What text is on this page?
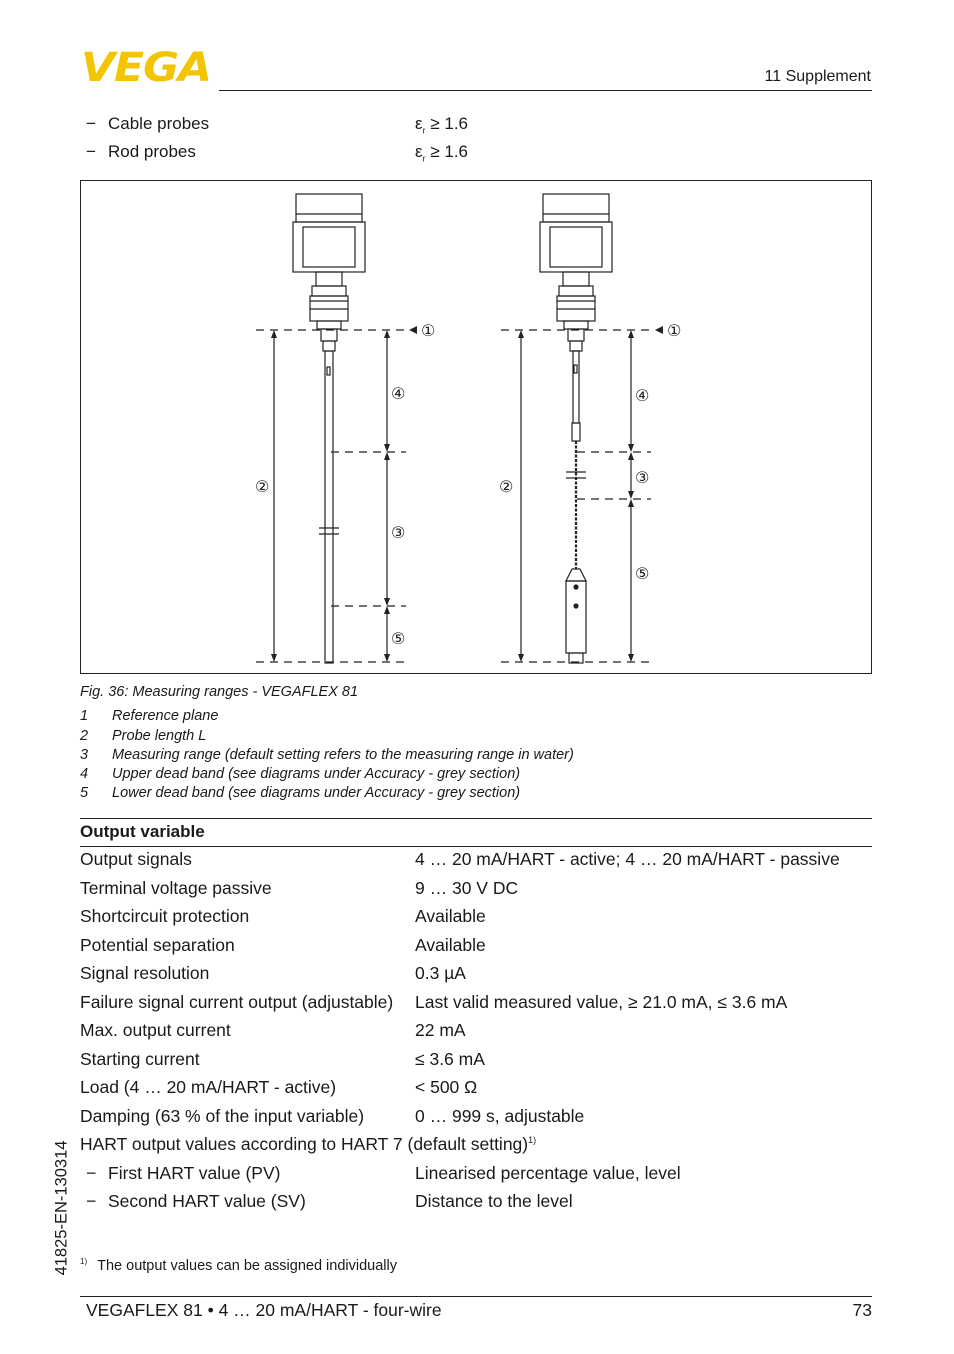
VEGA	11 Supplement
− Cable probes	$\varepsilon_r \ge 1.6$
− Rod probes	$\varepsilon_r \ge 1.6$
①
②
③
④
⑤
①
②	③
④
⑤
Fig. 36: Measuring ranges - VEGAFLEX 81
1 Reference plane
2 Probe length L
3 Measuring range (default setting refers to the measuring range in water)
4 Upper dead band (see diagrams under Accuracy - grey section)
5 Lower dead band (see diagrams under Accuracy - grey section)
Output variable
Output signals	4 … 20 mA/HART - active; 4 … 20 mA/HART - passive
Terminal voltage passive	9 … 30 V DC
Shortcircuit protection	Available
Potential separation	Available
Signal resolution	0.3 µA
Failure signal current output (adjustable) Last valid measured value, ≥ 21.0 mA, ≤ 3.6 mA
Max. output current	22 mA
Starting current	≤ 3.6 mA
Load (4 … 20 mA/HART - active)	< 500 Ω
Damping (63 % of the input variable)	0 … 999 s, adjustable
HART output values according to HART 7 (default setting)$^{1)}$
− First HART value (PV)	Linearised percentage value, level
− Second HART value (SV)	Distance to the level
$^{1)}$ The output values can be assigned individually
41825-EN-130314
VEGAFLEX 81 • 4 … 20 mA/HART - four-wire	73
